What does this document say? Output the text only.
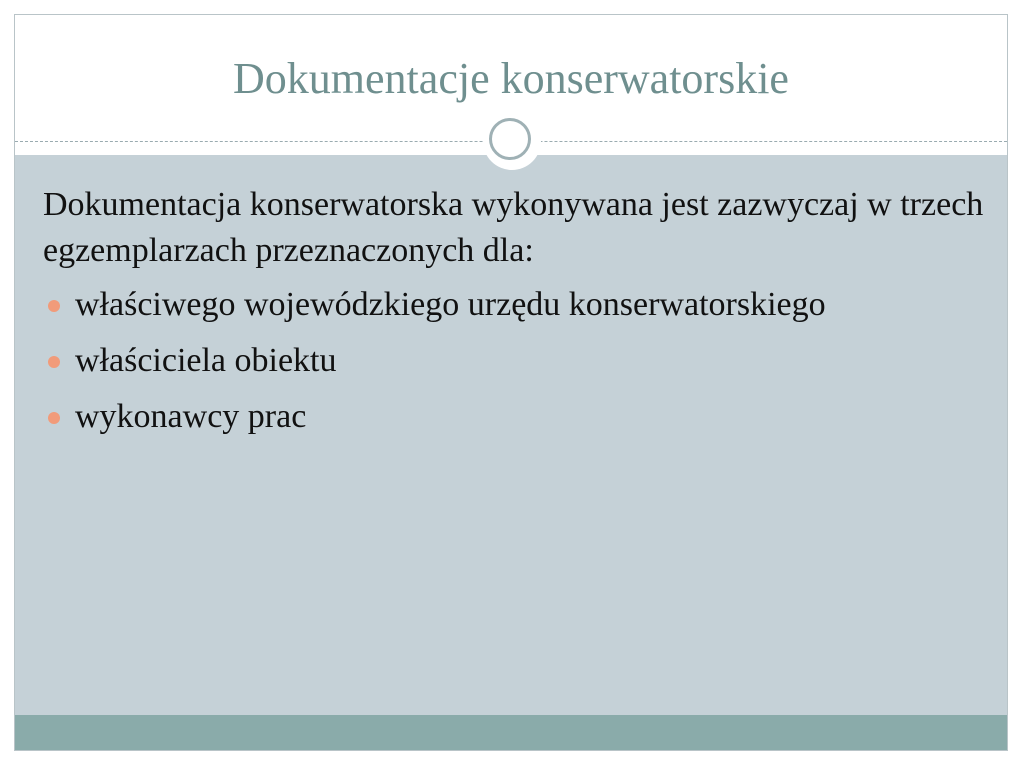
Dokumentacje konserwatorskie

Dokumentacja konserwatorska wykonywana jest zazwyczaj w trzech egzemplarzach przeznaczonych dla:

właściwego wojewódzkiego urzędu konserwatorskiego
właściciela obiektu
wykonawcy prac
